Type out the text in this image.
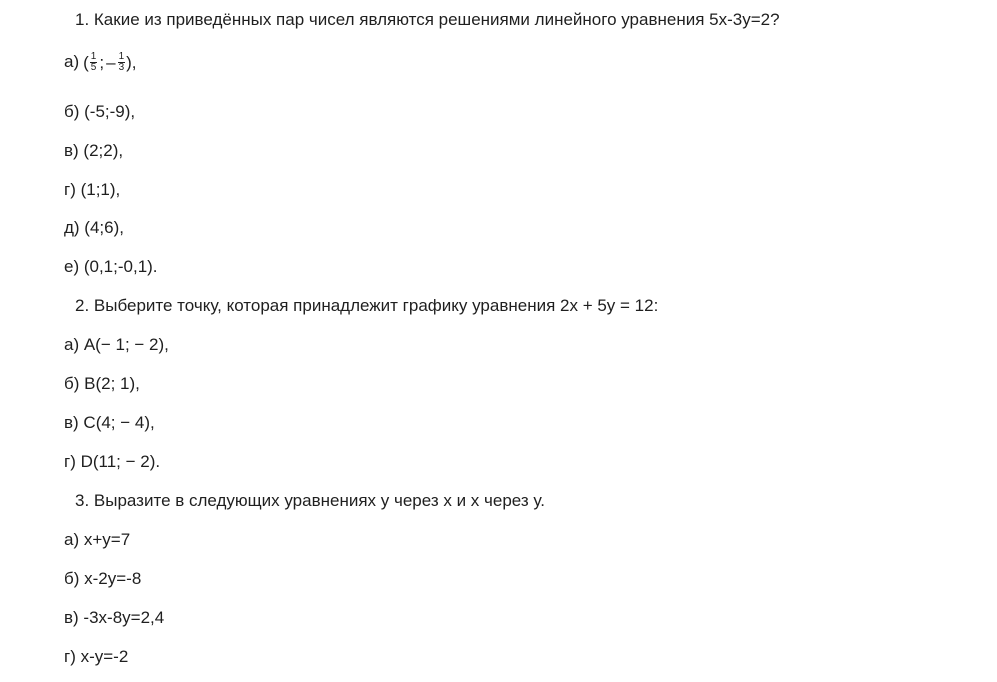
1. Какие из приведённых пар чисел являются решениями линейного уравнения 5х-3у=2?
а) ( $\frac{1}{5}$ ; – $\frac{1}{3}$ ),
б) (-5;-9),
в) (2;2),
г) (1;1),
д) (4;6),
е) (0,1;-0,1).
2. Выберите точку, которая принадлежит графику уравнения 2x + 5y = 12:
а) A(− 1; − 2),
б) B(2; 1),
в) C(4; − 4),
г) D(11; − 2).
3. Выразите в следующих уравнениях у через х и х через у.
а) х+у=7
б) х-2у=-8
в) -3х-8у=2,4
г) х-у=-2
